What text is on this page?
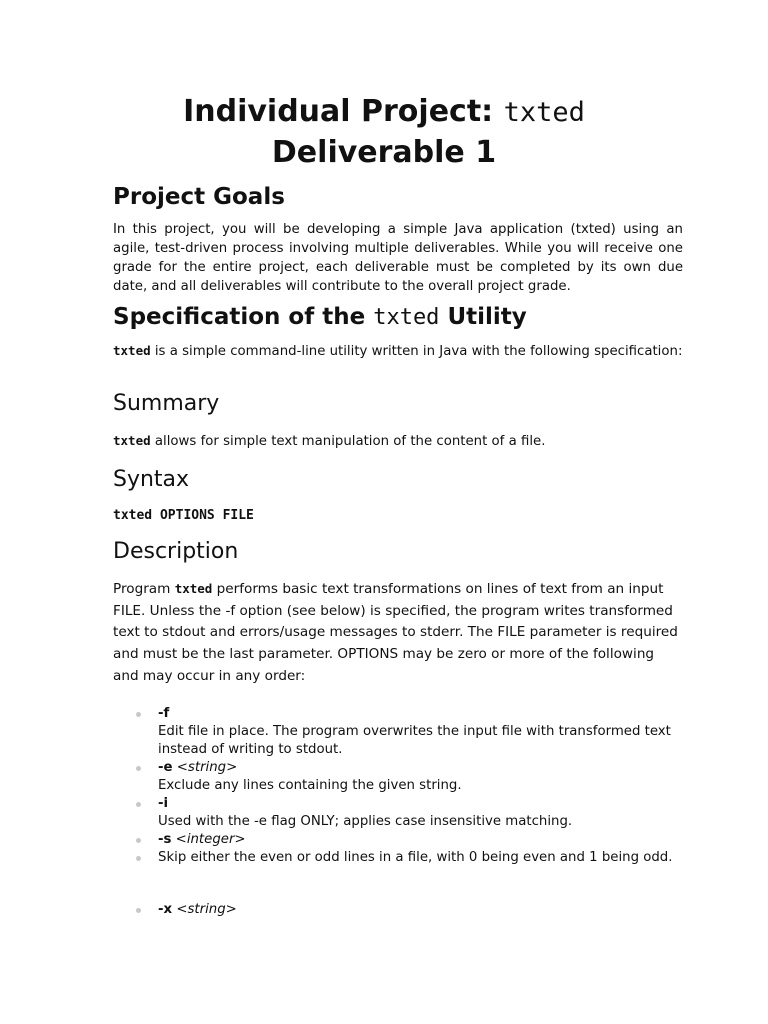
Individual Project: txted
Deliverable 1
Project Goals

In this project, you will be developing a simple Java application (txted) using an agile, test-driven process involving multiple deliverables. While you will receive one grade for the entire project, each deliverable must be completed by its own due date, and all deliverables will contribute to the overall project grade.

Specification of the txted Utility

txted is a simple command-line utility written in Java with the following specification:

Summary

txted allows for simple text manipulation of the content of a file.

Syntax

txted OPTIONS FILE

Description

Program txted performs basic text transformations on lines of text from an input FILE. Unless the -f option (see below) is specified, the program writes transformed text to stdout and errors/usage messages to stderr. The FILE parameter is required and must be the last parameter. OPTIONS may be zero or more of the following and may occur in any order:

-f
Edit file in place. The program overwrites the input file with transformed text instead of writing to stdout.
-e <string>
Exclude any lines containing the given string.
-i
Used with the -e flag ONLY; applies case insensitive matching.
-s <integer>
Skip either the even or odd lines in a file, with 0 being even and 1 being odd.
-x <string>
